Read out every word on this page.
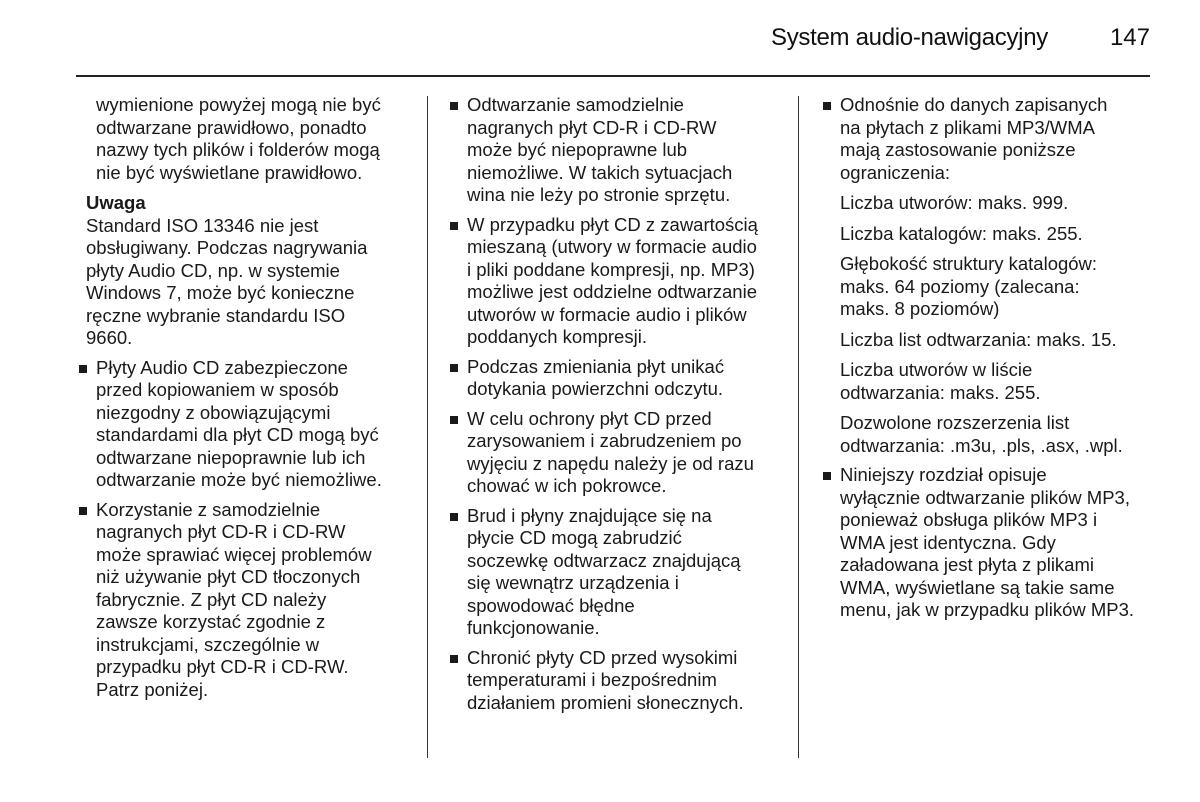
System audio-nawigacyjny	147

wymienione powyżej mogą nie być
odtwarzane prawidłowo, ponadto
nazwy tych plików i folderów mogą
nie być wyświetlane prawidłowo.

Uwaga

Standard ISO 13346 nie jest
obsługiwany. Podczas nagrywania
płyty Audio CD, np. w systemie
Windows 7, może być konieczne
ręczne wybranie standardu ISO
9660.

Płyty Audio CD zabezpieczone
przed kopiowaniem w sposób
niezgodny z obowiązującymi
standardami dla płyt CD mogą być
odtwarzane niepoprawnie lub ich
odtwarzanie może być niemożliwe.

Korzystanie z samodzielnie
nagranych płyt CD-R i CD-RW
może sprawiać więcej problemów
niż używanie płyt CD tłoczonych
fabrycznie. Z płyt CD należy
zawsze korzystać zgodnie z
instrukcjami, szczególnie w
przypadku płyt CD-R i CD-RW.
Patrz poniżej.

Odtwarzanie samodzielnie
nagranych płyt CD-R i CD-RW
może być niepoprawne lub
niemożliwe. W takich sytuacjach
wina nie leży po stronie sprzętu.

W przypadku płyt CD z zawartością
mieszaną (utwory w formacie audio
i pliki poddane kompresji, np. MP3)
możliwe jest oddzielne odtwarzanie
utworów w formacie audio i plików
poddanych kompresji.

Podczas zmieniania płyt unikać
dotykania powierzchni odczytu.

W celu ochrony płyt CD przed
zarysowaniem i zabrudzeniem po
wyjęciu z napędu należy je od razu
chować w ich pokrowce.

Brud i płyny znajdujące się na
płycie CD mogą zabrudzić
soczewkę odtwarzacz znajdującą
się wewnątrz urządzenia i
spowodować błędne
funkcjonowanie.

Chronić płyty CD przed wysokimi
temperaturami i bezpośrednim
działaniem promieni słonecznych.

Odnośnie do danych zapisanych
na płytach z plikami MP3/WMA
mają zastosowanie poniższe
ograniczenia:

Liczba utworów: maks. 999.

Liczba katalogów: maks. 255.

Głębokość struktury katalogów:
maks. 64 poziomy (zalecana:
maks. 8 poziomów)

Liczba list odtwarzania: maks. 15.

Liczba utworów w liście
odtwarzania: maks. 255.

Dozwolone rozszerzenia list
odtwarzania: .m3u, .pls, .asx, .wpl.

Niniejszy rozdział opisuje
wyłącznie odtwarzanie plików MP3,
ponieważ obsługa plików MP3 i
WMA jest identyczna. Gdy
załadowana jest płyta z plikami
WMA, wyświetlane są takie same
menu, jak w przypadku plików MP3.
